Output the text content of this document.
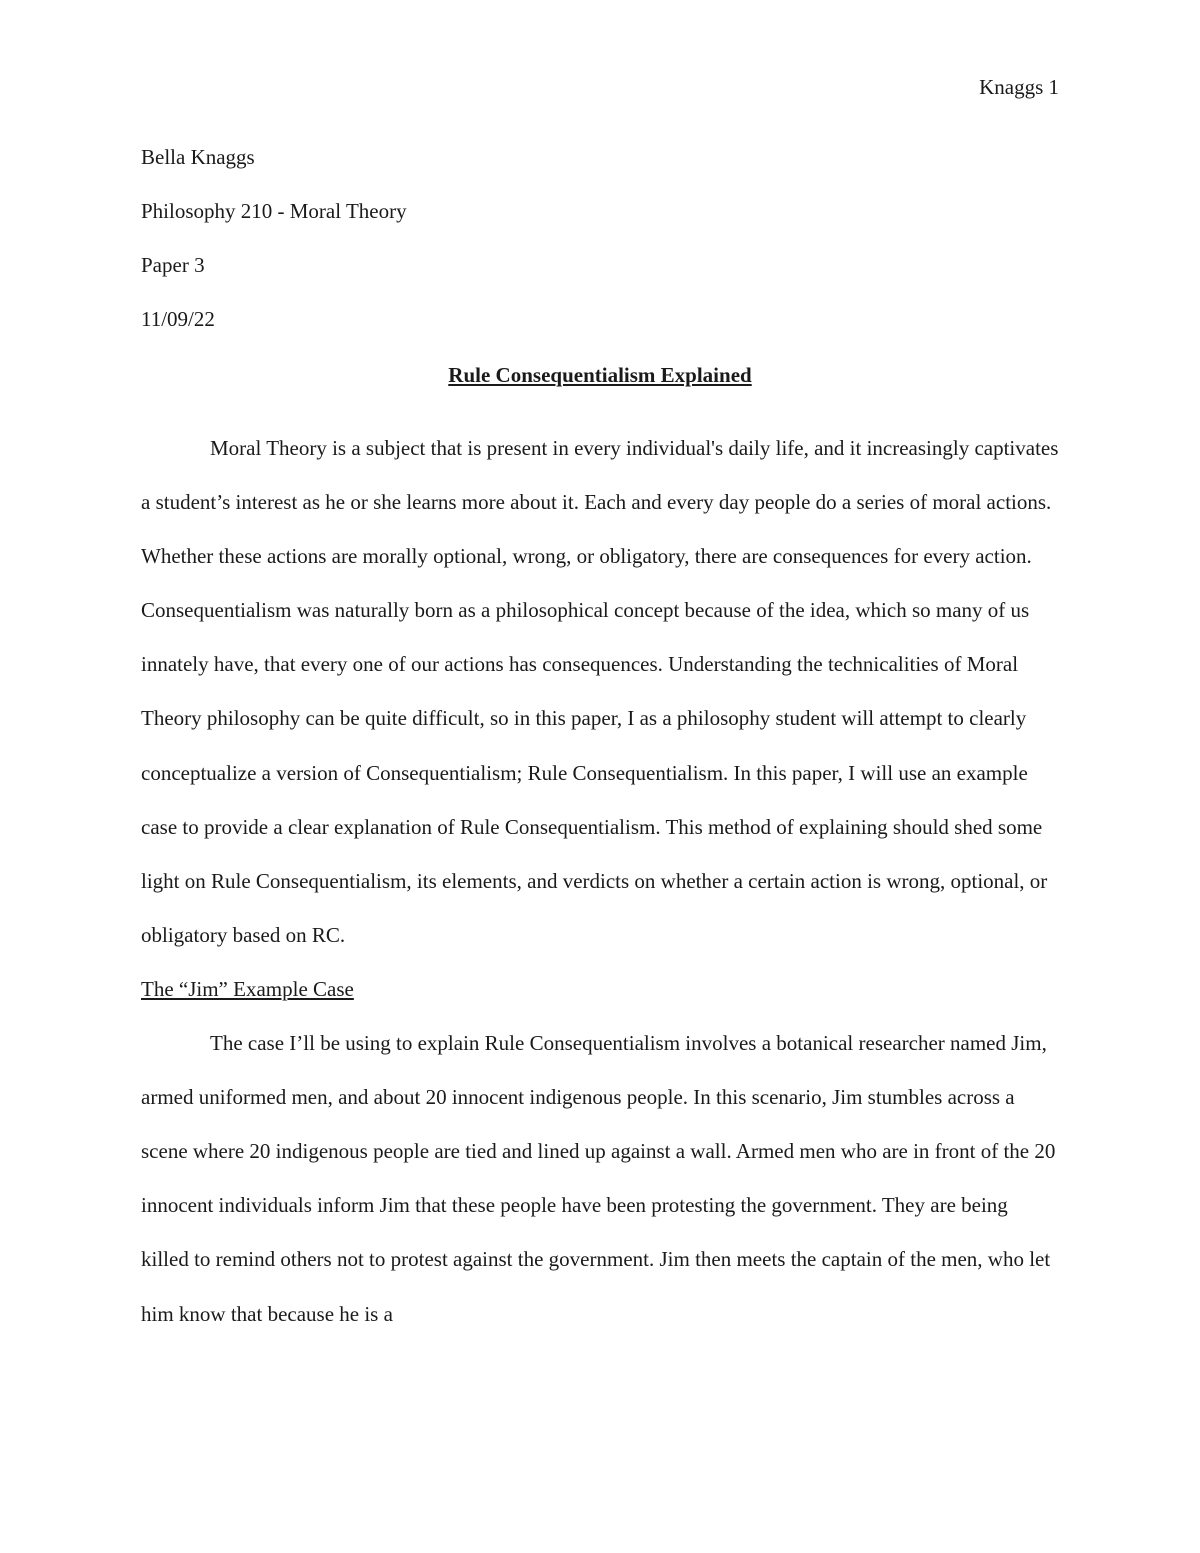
Knaggs 1

Bella Knaggs

Philosophy 210 - Moral Theory

Paper 3

11/09/22

Rule Consequentialism Explained

Moral Theory is a subject that is present in every individual's daily life, and it increasingly captivates a student’s interest as he or she learns more about it. Each and every day people do a series of moral actions. Whether these actions are morally optional, wrong, or obligatory, there are consequences for every action. Consequentialism was naturally born as a philosophical concept because of the idea, which so many of us innately have, that every one of our actions has consequences. Understanding the technicalities of Moral Theory philosophy can be quite difficult, so in this paper, I as a philosophy student will attempt to clearly conceptualize a version of Consequentialism; Rule Consequentialism. In this paper, I will use an example case to provide a clear explanation of Rule Consequentialism. This method of explaining should shed some light on Rule Consequentialism, its elements, and verdicts on whether a certain action is wrong, optional, or obligatory based on RC.

The “Jim” Example Case

The case I’ll be using to explain Rule Consequentialism involves a botanical researcher named Jim, armed uniformed men, and about 20 innocent indigenous people. In this scenario, Jim stumbles across a scene where 20 indigenous people are tied and lined up against a wall. Armed men who are in front of the 20 innocent individuals inform Jim that these people have been protesting the government. They are being killed to remind others not to protest against the government. Jim then meets the captain of the men, who let him know that because he is a
